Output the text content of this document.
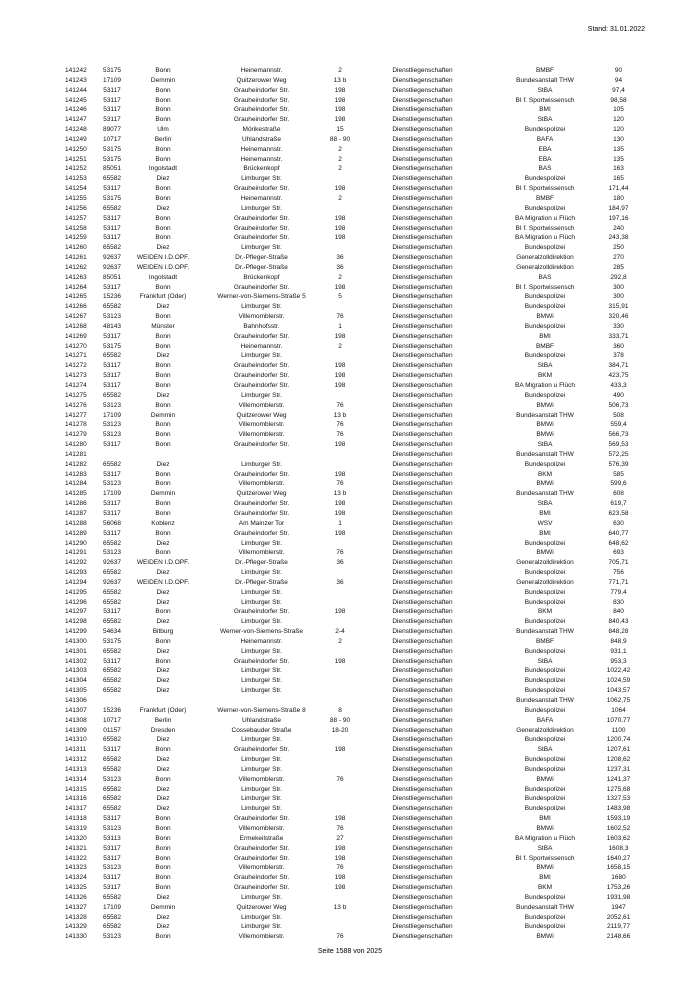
Stand: 31.01.2022
141242	53175	Bonn	Heinemannstr.	2	Dienstliegenschaften	BMBF	90
141243	17109	Demmin	Quitzerower Weg	13 b	Dienstliegenschaften	Bundesanstalt THW	94
141244	53117	Bonn	Grauheindorfer Str.	198	Dienstliegenschaften	StBA	97,4
141245	53117	Bonn	Grauheindorfer Str.	198	Dienstliegenschaften	BI f. Sportwissensch	98,58
141246	53117	Bonn	Grauheindorfer Str.	198	Dienstliegenschaften	BMI	105
141247	53117	Bonn	Grauheindorfer Str.	198	Dienstliegenschaften	StBA	120
141248	89077	Ulm	Mörikestraße	15	Dienstliegenschaften	Bundespolizei	120
141249	10717	Berlin	Uhlandstraße	88 - 90	Dienstliegenschaften	BAFA	130
141250	53175	Bonn	Heinemannstr.	2	Dienstliegenschaften	EBA	135
141251	53175	Bonn	Heinemannstr.	2	Dienstliegenschaften	EBA	135
141252	85051	Ingolstadt	Brückenkopf	2	Dienstliegenschaften	BAS	163
141253	65582	Diez	Limburger Str.		Dienstliegenschaften	Bundespolizei	165
141254	53117	Bonn	Grauheindorfer Str.	198	Dienstliegenschaften	BI f. Sportwissensch	171,44
141255	53175	Bonn	Heinemannstr.	2	Dienstliegenschaften	BMBF	180
141256	65582	Diez	Limburger Str.		Dienstliegenschaften	Bundespolizei	184,97
141257	53117	Bonn	Grauheindorfer Str.	198	Dienstliegenschaften	BA Migration u Flüch	197,16
141258	53117	Bonn	Grauheindorfer Str.	198	Dienstliegenschaften	BI f. Sportwissensch	240
141259	53117	Bonn	Grauheindorfer Str.	198	Dienstliegenschaften	BA Migration u Flüch	243,38
141260	65582	Diez	Limburger Str.		Dienstliegenschaften	Bundespolizei	250
141261	92637	WEIDEN I.D.OPF.	Dr.-Pfleger-Straße	36	Dienstliegenschaften	Generalzolldirektion	270
141262	92637	WEIDEN I.D.OPF.	Dr.-Pfleger-Straße	36	Dienstliegenschaften	Generalzolldirektion	285
141263	85051	Ingolstadt	Brückenkopf	2	Dienstliegenschaften	BAS	292,8
141264	53117	Bonn	Grauheindorfer Str.	198	Dienstliegenschaften	BI f. Sportwissensch	300
141265	15236	Frankfurt (Oder)	Werner-von-Siemens-Straße 5	5	Dienstliegenschaften	Bundespolizei	300
141266	65582	Diez	Limburger Str.		Dienstliegenschaften	Bundespolizei	315,91
141267	53123	Bonn	Villemomblerstr.	76	Dienstliegenschaften	BMWi	320,46
141268	48143	Münster	Bahnhofsstr.	1	Dienstliegenschaften	Bundespolizei	330
141269	53117	Bonn	Grauheindorfer Str.	198	Dienstliegenschaften	BMI	333,71
141270	53175	Bonn	Heinemannstr.	2	Dienstliegenschaften	BMBF	360
141271	65582	Diez	Limburger Str.		Dienstliegenschaften	Bundespolizei	378
141272	53117	Bonn	Grauheindorfer Str.	198	Dienstliegenschaften	StBA	384,71
141273	53117	Bonn	Grauheindorfer Str.	198	Dienstliegenschaften	BKM	423,75
141274	53117	Bonn	Grauheindorfer Str.	198	Dienstliegenschaften	BA Migration u Flüch	433,3
141275	65582	Diez	Limburger Str.		Dienstliegenschaften	Bundespolizei	490
141276	53123	Bonn	Villemomblerstr.	76	Dienstliegenschaften	BMWi	506,73
141277	17109	Demmin	Quitzerower Weg	13 b	Dienstliegenschaften	Bundesanstalt THW	508
141278	53123	Bonn	Villemomblerstr.	76	Dienstliegenschaften	BMWi	559,4
141279	53123	Bonn	Villemomblerstr.	76	Dienstliegenschaften	BMWi	566,73
141280	53117	Bonn	Grauheindorfer Str.	198	Dienstliegenschaften	StBA	569,53
141281					Dienstliegenschaften	Bundesanstalt THW	572,25
141282	65582	Diez	Limburger Str.		Dienstliegenschaften	Bundespolizei	576,39
141283	53117	Bonn	Grauheindorfer Str.	198	Dienstliegenschaften	BKM	585
141284	53123	Bonn	Villemomblerstr.	76	Dienstliegenschaften	BMWi	599,6
141285	17109	Demmin	Quitzerower Weg	13 b	Dienstliegenschaften	Bundesanstalt THW	608
141286	53117	Bonn	Grauheindorfer Str.	198	Dienstliegenschaften	StBA	619,7
141287	53117	Bonn	Grauheindorfer Str.	198	Dienstliegenschaften	BMI	623,58
141288	56068	Koblenz	Am Mainzer Tor	1	Dienstliegenschaften	WSV	630
141289	53117	Bonn	Grauheindorfer Str.	198	Dienstliegenschaften	BMI	640,77
141290	65582	Diez	Limburger Str.		Dienstliegenschaften	Bundespolizei	648,62
141291	53123	Bonn	Villemomblerstr.	76	Dienstliegenschaften	BMWi	693
141292	92637	WEIDEN I.D.OPF.	Dr.-Pfleger-Straße	36	Dienstliegenschaften	Generalzolldirektion	705,71
141293	65582	Diez	Limburger Str.		Dienstliegenschaften	Bundespolizei	756
141294	92637	WEIDEN I.D.OPF.	Dr.-Pfleger-Straße	36	Dienstliegenschaften	Generalzolldirektion	771,71
141295	65582	Diez	Limburger Str.		Dienstliegenschaften	Bundespolizei	779,4
141296	65582	Diez	Limburger Str.		Dienstliegenschaften	Bundespolizei	830
141297	53117	Bonn	Grauheindorfer Str.	198	Dienstliegenschaften	BKM	840
141298	65582	Diez	Limburger Str.		Dienstliegenschaften	Bundespolizei	840,43
141299	54634	Bitburg	Werner-von-Siemens-Straße	2-4	Dienstliegenschaften	Bundesanstalt THW	848,28
141300	53175	Bonn	Heinemannstr.	2	Dienstliegenschaften	BMBF	848,9
141301	65582	Diez	Limburger Str.		Dienstliegenschaften	Bundespolizei	931,1
141302	53117	Bonn	Grauheindorfer Str.	198	Dienstliegenschaften	StBA	953,3
141303	65582	Diez	Limburger Str.		Dienstliegenschaften	Bundespolizei	1022,42
141304	65582	Diez	Limburger Str.		Dienstliegenschaften	Bundespolizei	1024,59
141305	65582	Diez	Limburger Str.		Dienstliegenschaften	Bundespolizei	1043,57
141306					Dienstliegenschaften	Bundesanstalt THW	1062,75
141307	15236	Frankfurt (Oder)	Werner-von-Siemens-Straße 8	8	Dienstliegenschaften	Bundespolizei	1064
141308	10717	Berlin	Uhlandstraße	88 - 90	Dienstliegenschaften	BAFA	1070,77
141309	01157	Dresden	Cossebauder Straße	18-20	Dienstliegenschaften	Generalzolldirektion	1100
141310	65582	Diez	Limburger Str.		Dienstliegenschaften	Bundespolizei	1200,74
141311	53117	Bonn	Grauheindorfer Str.	198	Dienstliegenschaften	StBA	1207,61
141312	65582	Diez	Limburger Str.		Dienstliegenschaften	Bundespolizei	1208,62
141313	65582	Diez	Limburger Str.		Dienstliegenschaften	Bundespolizei	1237,31
141314	53123	Bonn	Villemomblerstr.	76	Dienstliegenschaften	BMWi	1241,37
141315	65582	Diez	Limburger Str.		Dienstliegenschaften	Bundespolizei	1275,68
141316	65582	Diez	Limburger Str.		Dienstliegenschaften	Bundespolizei	1327,53
141317	65582	Diez	Limburger Str.		Dienstliegenschaften	Bundespolizei	1483,98
141318	53117	Bonn	Grauheindorfer Str.	198	Dienstliegenschaften	BMI	1593,19
141319	53123	Bonn	Villemomblerstr.	76	Dienstliegenschaften	BMWi	1602,52
141320	53113	Bonn	Ermekeilstraße	27	Dienstliegenschaften	BA Migration u Flüch	1603,62
141321	53117	Bonn	Grauheindorfer Str.	198	Dienstliegenschaften	StBA	1608,3
141322	53117	Bonn	Grauheindorfer Str.	198	Dienstliegenschaften	BI f. Sportwissensch	1640,27
141323	53123	Bonn	Villemomblerstr.	76	Dienstliegenschaften	BMWi	1658,15
141324	53117	Bonn	Grauheindorfer Str.	198	Dienstliegenschaften	BMI	1680
141325	53117	Bonn	Grauheindorfer Str.	198	Dienstliegenschaften	BKM	1753,26
141326	65582	Diez	Limburger Str.		Dienstliegenschaften	Bundespolizei	1931,98
141327	17109	Demmin	Quitzerower Weg	13 b	Dienstliegenschaften	Bundesanstalt THW	1947
141328	65582	Diez	Limburger Str.		Dienstliegenschaften	Bundespolizei	2052,61
141329	65582	Diez	Limburger Str.		Dienstliegenschaften	Bundespolizei	2119,77
141330	53123	Bonn	Villemomblerstr.	76	Dienstliegenschaften	BMWi	2148,66
Seite 1588 von 2025
